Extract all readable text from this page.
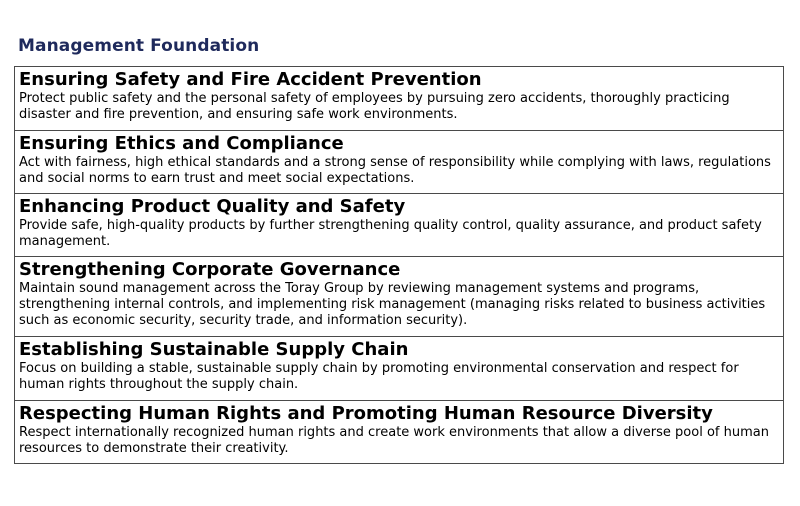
Management Foundation
Ensuring Safety and Fire Accident Prevention
Protect public safety and the personal safety of employees by pursuing zero accidents, thoroughly practicing disaster and fire prevention, and ensuring safe work environments.
Ensuring Ethics and Compliance
Act with fairness, high ethical standards and a strong sense of responsibility while complying with laws, regulations and social norms to earn trust and meet social expectations.
Enhancing Product Quality and Safety
Provide safe, high-quality products by further strengthening quality control, quality assurance, and product safety management.
Strengthening Corporate Governance
Maintain sound management across the Toray Group by reviewing management systems and programs, strengthening internal controls, and implementing risk management (managing risks related to business activities such as economic security, security trade, and information security).
Establishing Sustainable Supply Chain
Focus on building a stable, sustainable supply chain by promoting environmental conservation and respect for human rights throughout the supply chain.
Respecting Human Rights and Promoting Human Resource Diversity
Respect internationally recognized human rights and create work environments that allow a diverse pool of human resources to demonstrate their creativity.
